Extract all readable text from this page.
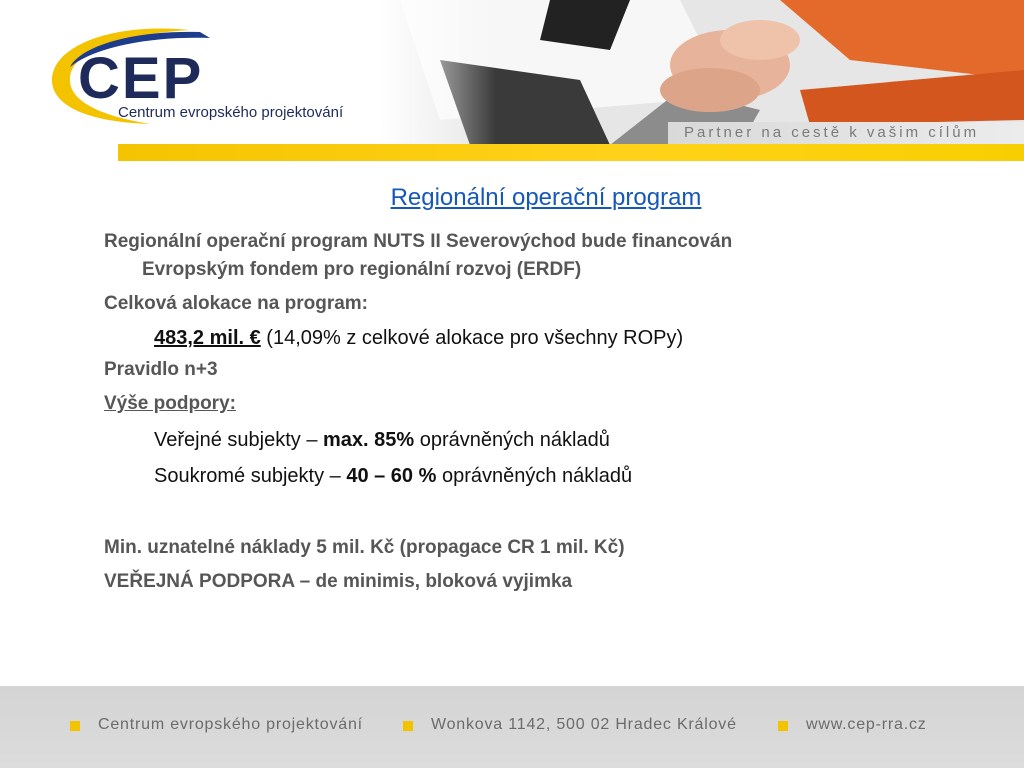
CEP
Centrum evropského projektování
Partner na cestě k vašim cílům
Regionální operační program
Regionální operační program NUTS II Severovýchod bude financován
Evropským fondem pro regionální rozvoj (ERDF)
Celková alokace na program:
483,2 mil. € (14,09% z celkové alokace pro všechny ROPy)
Pravidlo n+3
Výše podpory:
Veřejné subjekty – max. 85% oprávněných nákladů
Soukromé subjekty – 40 – 60 % oprávněných nákladů
Min. uznatelné náklady 5 mil. Kč (propagace CR 1 mil. Kč)
VEŘEJNÁ PODPORA – de minimis, bloková vyjimka
Centrum evropského projektování	Wonkova 1142, 500 02 Hradec Králové	www.cep-rra.cz
